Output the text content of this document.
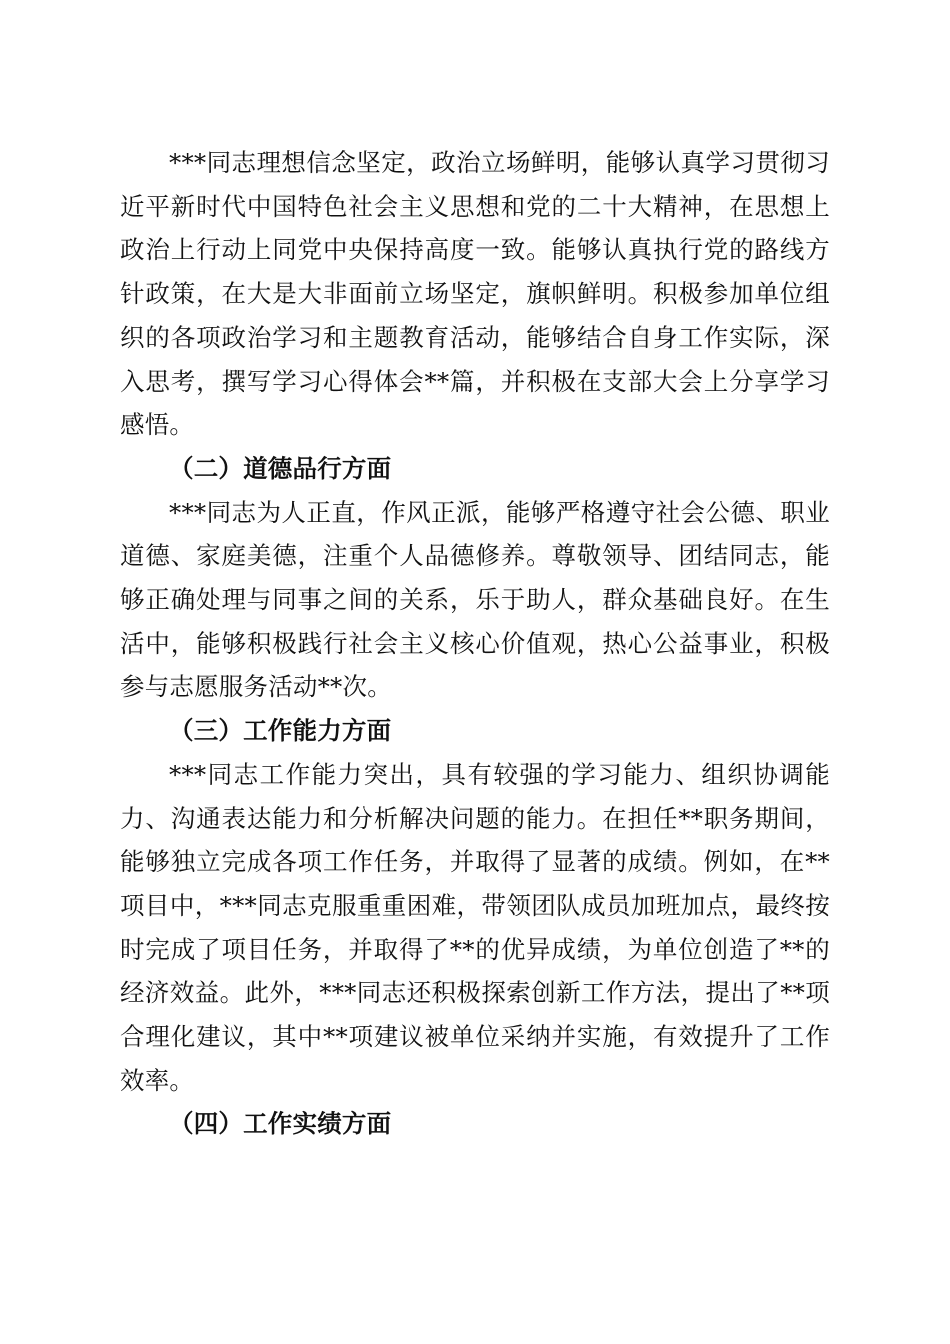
***同志理想信念坚定，政治立场鲜明，能够认真学习贯彻习近平新时代中国特色社会主义思想和党的二十大精神，在思想上政治上行动上同党中央保持高度一致。能够认真执行党的路线方针政策，在大是大非面前立场坚定，旗帜鲜明。积极参加单位组织的各项政治学习和主题教育活动，能够结合自身工作实际，深入思考，撰写学习心得体会**篇，并积极在支部大会上分享学习感悟。

（二）道德品行方面

***同志为人正直，作风正派，能够严格遵守社会公德、职业道德、家庭美德，注重个人品德修养。尊敬领导、团结同志，能够正确处理与同事之间的关系，乐于助人，群众基础良好。在生活中，能够积极践行社会主义核心价值观，热心公益事业，积极参与志愿服务活动**次。

（三）工作能力方面

***同志工作能力突出，具有较强的学习能力、组织协调能力、沟通表达能力和分析解决问题的能力。在担任**职务期间，能够独立完成各项工作任务，并取得了显著的成绩。例如，在**项目中，***同志克服重重困难，带领团队成员加班加点，最终按时完成了项目任务，并取得了**的优异成绩，为单位创造了**的经济效益。此外，***同志还积极探索创新工作方法，提出了**项合理化建议，其中**项建议被单位采纳并实施，有效提升了工作效率。

（四）工作实绩方面
